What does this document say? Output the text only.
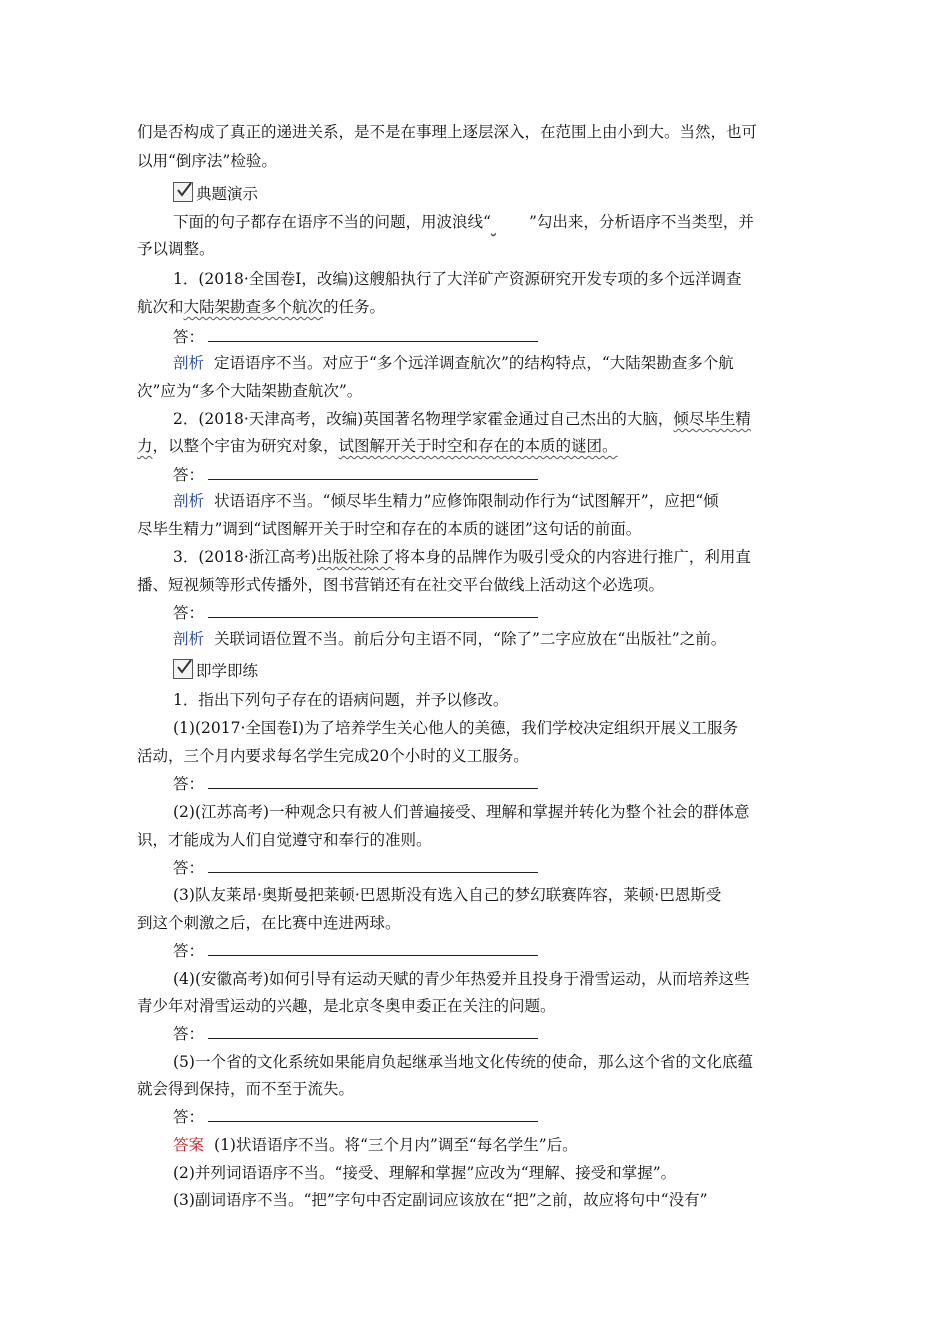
们是否构成了真正的递进关系，是不是在事理上逐层深入，在范围上由小到大。当然，也可
以用“倒序法”检验。
典题演示
下面的句子都存在语序不当的问题，用波浪线“ ”勾出来，分析语序不当类型，并
予以调整。
1．(2018·全国卷Ⅰ，改编)这艘船执行了大洋矿产资源研究开发专项的多个远洋调查
航次和大陆架勘查多个航次的任务。
答：
剖析 定语语序不当。对应于“多个远洋调查航次”的结构特点，“大陆架勘查多个航
次”应为“多个大陆架勘查航次”。
2．(2018·天津高考，改编)英国著名物理学家霍金通过自己杰出的大脑，倾尽毕生精
力，以整个宇宙为研究对象，试图解开关于时空和存在的本质的谜团。
答：
剖析 状语语序不当。“倾尽毕生精力”应修饰限制动作行为“试图解开”，应把“倾
尽毕生精力”调到“试图解开关于时空和存在的本质的谜团”这句话的前面。
3．(2018·浙江高考)出版社除了将本身的品牌作为吸引受众的内容进行推广，利用直
播、短视频等形式传播外，图书营销还有在社交平台做线上活动这个必选项。
答：
剖析 关联词语位置不当。前后分句主语不同，“除了”二字应放在“出版社”之前。
即学即练
1．指出下列句子存在的语病问题，并予以修改。
(1)(2017·全国卷Ⅰ)为了培养学生关心他人的美德，我们学校决定组织开展义工服务
活动，三个月内要求每名学生完成20个小时的义工服务。
答：
(2)(江苏高考)一种观念只有被人们普遍接受、理解和掌握并转化为整个社会的群体意
识，才能成为人们自觉遵守和奉行的准则。
答：
(3)队友莱昂·奥斯曼把莱顿·巴恩斯没有选入自己的梦幻联赛阵容，莱顿·巴恩斯受
到这个刺激之后，在比赛中连进两球。
答：
(4)(安徽高考)如何引导有运动天赋的青少年热爱并且投身于滑雪运动，从而培养这些
青少年对滑雪运动的兴趣，是北京冬奥申委正在关注的问题。
答：
(5)一个省的文化系统如果能肩负起继承当地文化传统的使命，那么这个省的文化底蕴
就会得到保持，而不至于流失。
答：
答案 (1)状语语序不当。将“三个月内”调至“每名学生”后。
(2)并列词语语序不当。“接受、理解和掌握”应改为“理解、接受和掌握”。
(3)副词语序不当。“把”字句中否定副词应该放在“把”之前，故应将句中“没有”
